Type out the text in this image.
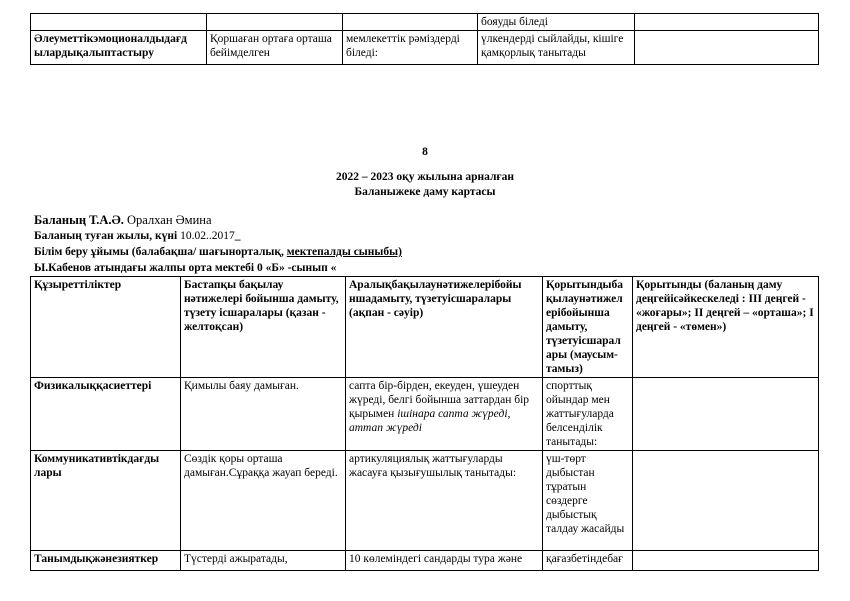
			бояуды біледі	
Әлеуметтікэмоционалдыдағд ылардықалыптастыру	Қоршаған ортаға орташа бейімделген	мемлекеттік рәміздерді біледі:	үлкендерді сыйлайды, кішіге қамқорлық танытады	
8
2022 – 2023 оқу жылына арналған
Баланыжеке даму картасы
Баланың Т.А.Ә. Оралхан Әмина
Баланың туған жылы, күні 10.02..2017_
Білім беру ұйымы (балабақша/ шағынорталық, мектепалды сыныбы)
Ы.Кабенов атындағы жалпы орта мектебі 0 «Б» -сынып «
Құзыреттіліктер	Бастапқы бақылау нәтижелері бойынша дамыту, түзету ісшаралары (қазан - желтоқсан)	Аралықбақылаунәтижелерібойы ншадамыту, түзетуісшаралары (ақпан - сәуір)	Қорытындыба қылаунәтижел ерібойынша дамыту, түзетуісшарал ары (маусым-тамыз)	Қорытынды (баланың даму деңгейісәйкескеледі : III деңгей - «жоғары»; II деңгей – «орташа»; I деңгей - «төмен»)
Физикалыққасиеттері	Қимылы баяу дамыған.	сапта бір-бірден, екеуден, үшеуден жүреді, белгі бойынша заттардан бір қырымен ішінара сапта жүреді, аттап жүреді	спорттық ойындар мен жаттығуларда белсенділік танытады:	
Коммуникативтікдағды лары	Сөздік қоры орташа дамыған.Сұраққа жауап береді.	артикуляциялық жаттығуларды жасауға қызығушылық танытады:	үш-төрт дыбыстан тұратын сөздерге дыбыстық талдау жасайды	
Танымдықжәнезияткер	Түстерді ажыратады,	10 көлеміндегі сандарды тура және	қағазбетіндебағ	
